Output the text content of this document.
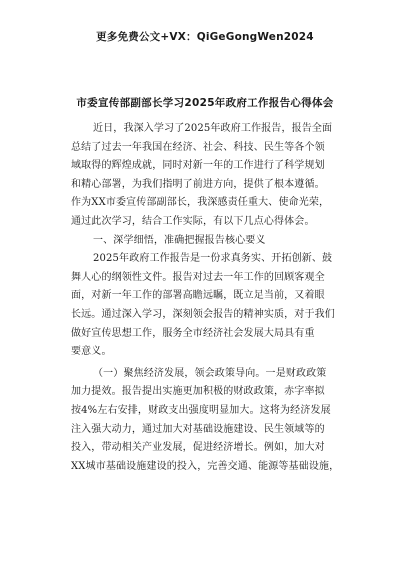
更多免费公文+VX：QiGeGongWen2024
市委宣传部副部长学习2025年政府工作报告心得体会
近日，我深入学习了2025年政府工作报告，报告全面
总结了过去一年我国在经济、社会、科技、民生等各个领
域取得的辉煌成就，同时对新一年的工作进行了科学规划
和精心部署，为我们指明了前进方向，提供了根本遵循。
作为XX市委宣传部副部长，我深感责任重大、使命光荣，
通过此次学习，结合工作实际，有以下几点心得体会。
一、深学细悟，准确把握报告核心要义
2025年政府工作报告是一份求真务实、开拓创新、鼓
舞人心的纲领性文件。报告对过去一年工作的回顾客观全
面，对新一年工作的部署高瞻远瞩，既立足当前，又着眼
长远。通过深入学习，深刻领会报告的精神实质，对于我们
做好宣传思想工作，服务全市经济社会发展大局具有重
要意义。
（一）聚焦经济发展，领会政策导向。一是财政政策
加力提效。报告提出实施更加积极的财政政策，赤字率拟
按4%左右安排，财政支出强度明显加大。这将为经济发展
注入强大动力，通过加大对基础设施建设、民生领域等的
投入，带动相关产业发展，促进经济增长。例如，加大对
XX城市基础设施建设的投入，完善交通、能源等基础设施，
